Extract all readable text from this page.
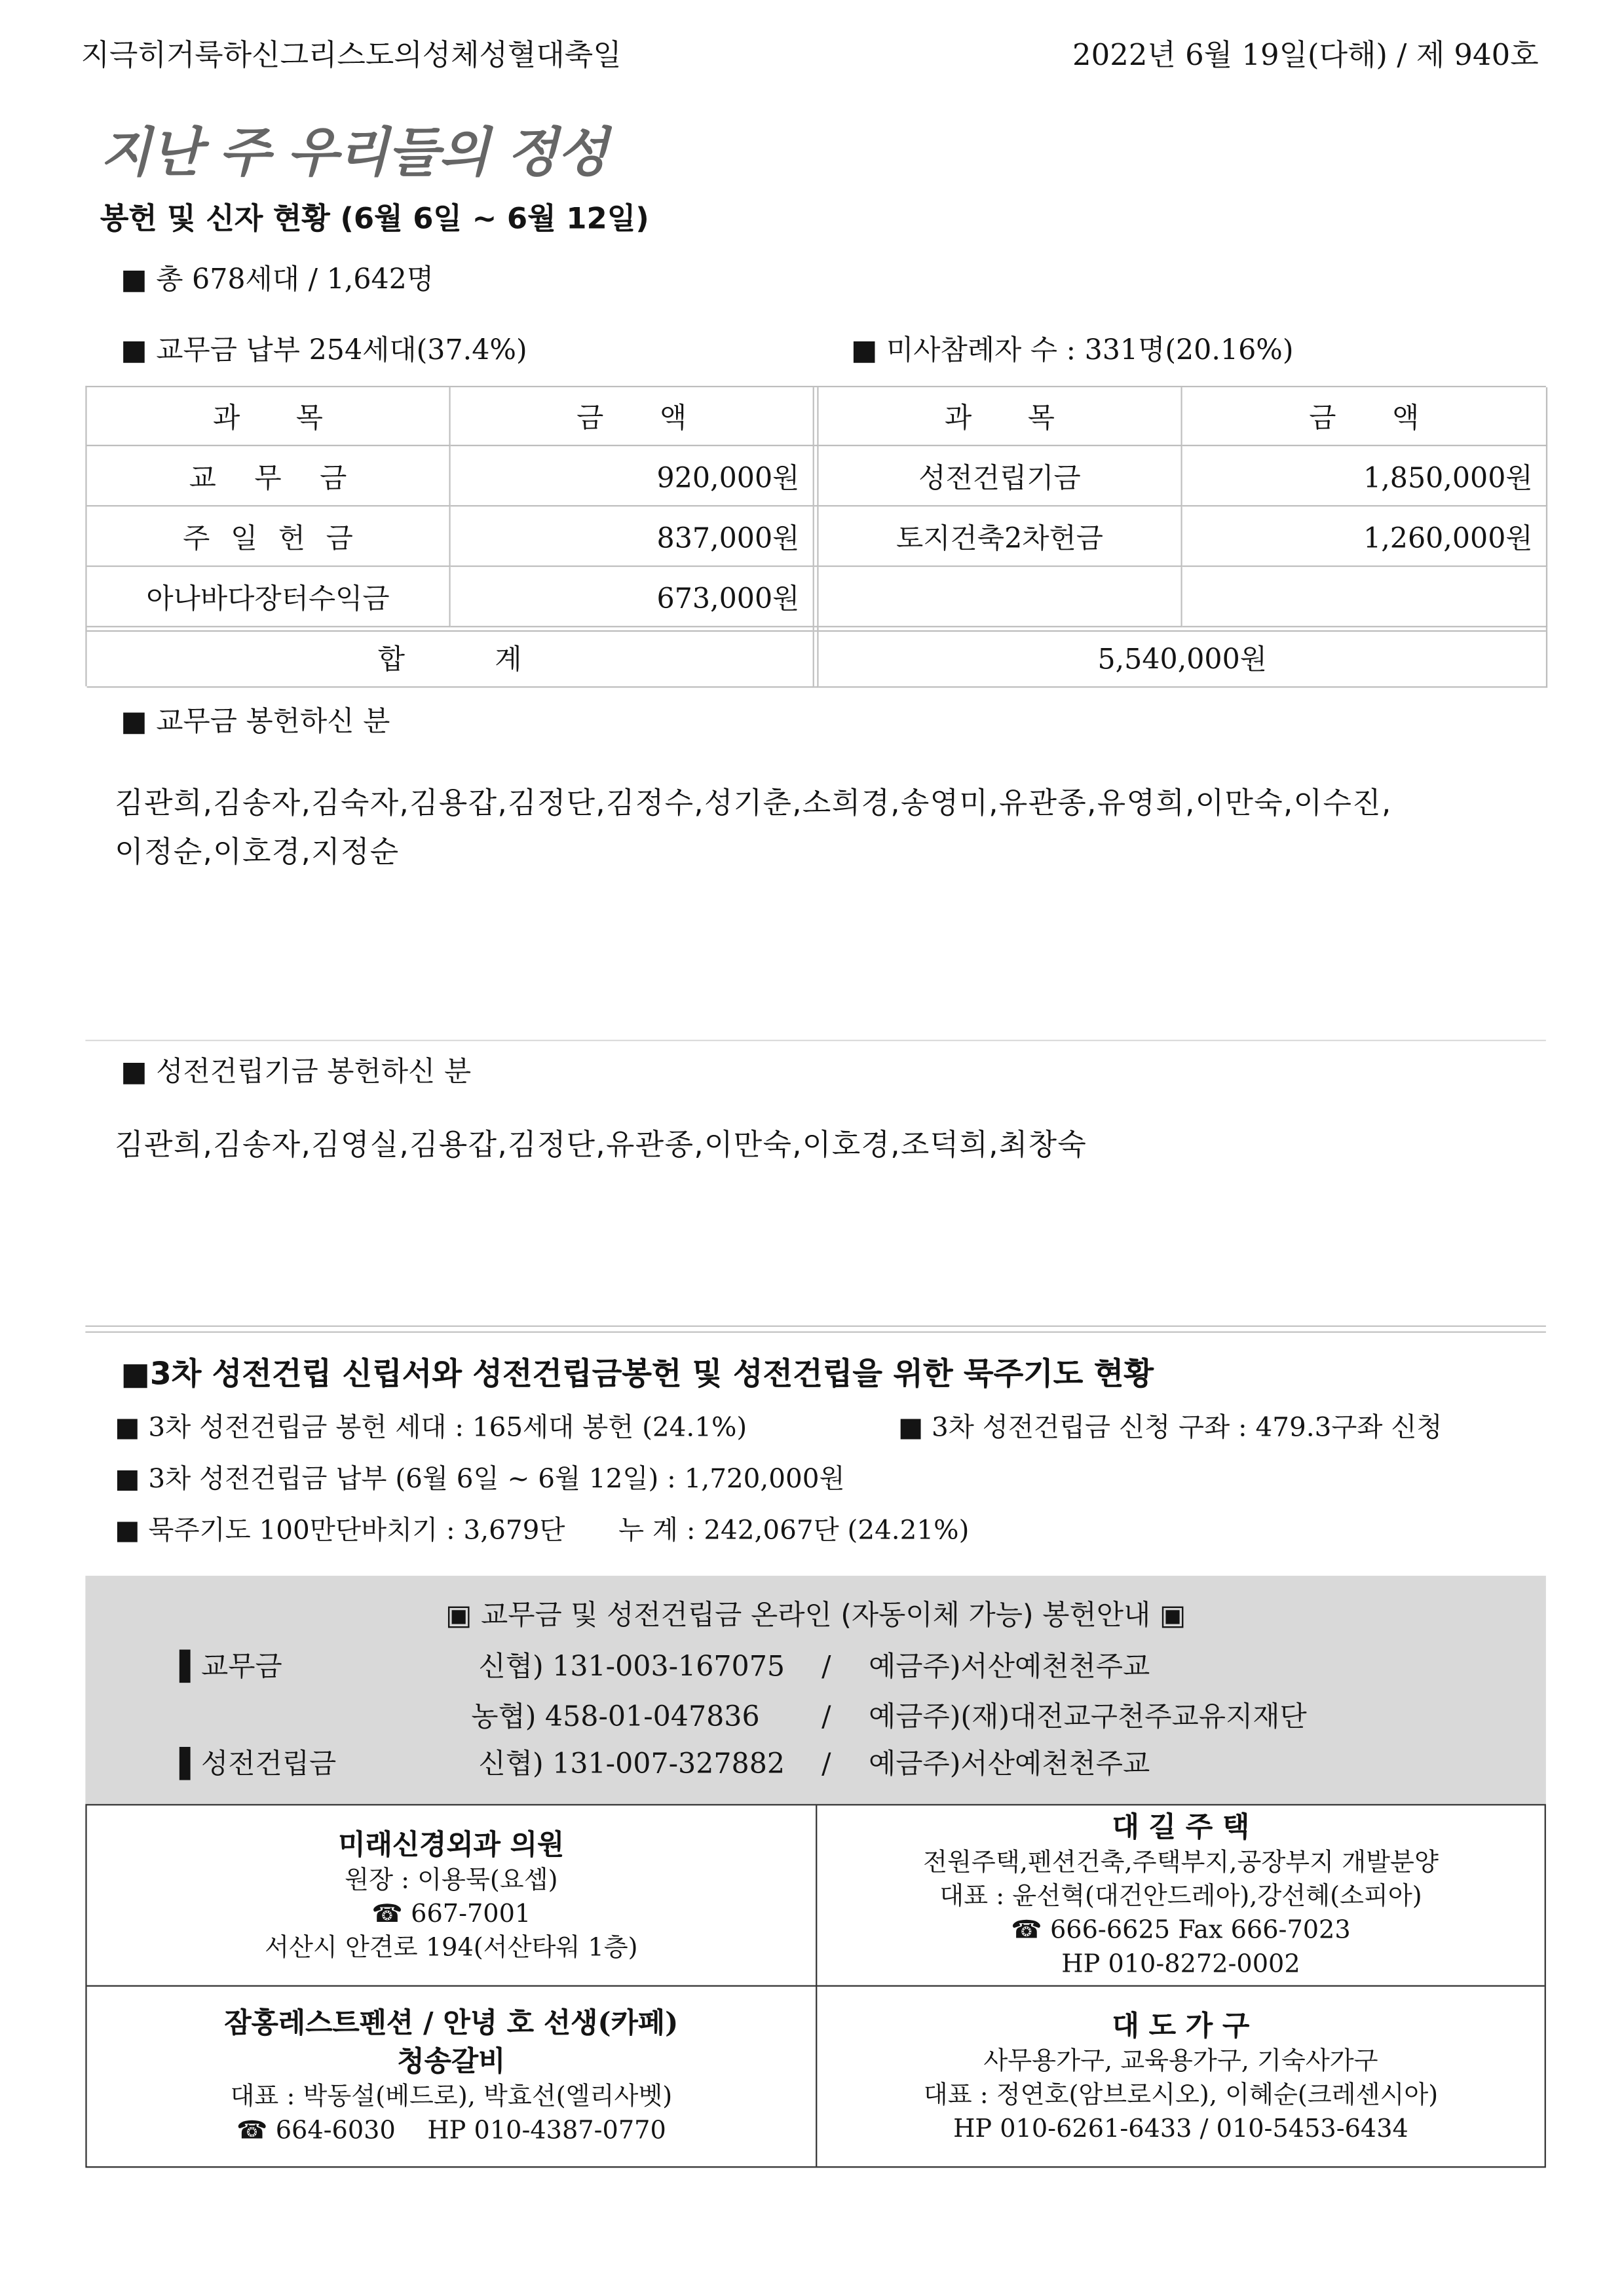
지극히거룩하신그리스도의성체성혈대축일	2022년 6월 19일(다해) / 제 940호
지난 주 우리들의 정성
봉헌 및 신자 현황 (6월 6일 ~ 6월 12일)
■ 총 678세대 / 1,642명
■ 교무금 납부 254세대(37.4%)	■ 미사참례자 수 : 331명(20.16%)
과 목	금 액	과 목	금 액
교 무 금	920,000원	성전건립기금	1,850,000원
주 일 헌 금	837,000원	토지건축2차헌금	1,260,000원
아나바다장터수익금	673,000원
합 계	5,540,000원
■ 교무금 봉헌하신 분
김관희,김송자,김숙자,김용갑,김정단,김정수,성기춘,소희경,송영미,유관종,유영희,이만숙,이수진,
이정순,이호경,지정순
■ 성전건립기금 봉헌하신 분
김관희,김송자,김영실,김용갑,김정단,유관종,이만숙,이호경,조덕희,최창숙
■3차 성전건립 신립서와 성전건립금봉헌 및 성전건립을 위한 묵주기도 현황
■ 3차 성전건립금 봉헌 세대 : 165세대 봉헌 (24.1%)	■ 3차 성전건립금 신청 구좌 : 479.3구좌 신청
■ 3차 성전건립금 납부 (6월 6일 ~ 6월 12일) : 1,720,000원
■ 묵주기도 100만단바치기 : 3,679단	누 계 : 242,067단 (24.21%)
▣ 교무금 및 성전건립금 온라인 (자동이체 가능) 봉헌안내 ▣
▌교무금	신협) 131-003-167075	/	예금주)서산예천천주교
농협) 458-01-047836	/	예금주)(재)대전교구천주교유지재단
▌성전건립금	신협) 131-007-327882	/	예금주)서산예천천주교
미래신경외과 의원
원장 : 이용묵(요셉)
☎ 667-7001
서산시 안견로 194(서산타워 1층)
대 길 주 택
전원주택,펜션건축,주택부지,공장부지 개발분양
대표 : 윤선혁(대건안드레아),강선혜(소피아)
☎ 666-6625 Fax 666-7023
HP 010-8272-0002
잠홍레스트펜션 / 안녕 호 선생(카페)
청송갈비
대표 : 박동설(베드로), 박효선(엘리사벳)
☎ 664-6030    HP 010-4387-0770
대 도 가 구
사무용가구, 교육용가구, 기숙사가구
대표 : 정연호(암브로시오), 이혜순(크레센시아)
HP 010-6261-6433 / 010-5453-6434
